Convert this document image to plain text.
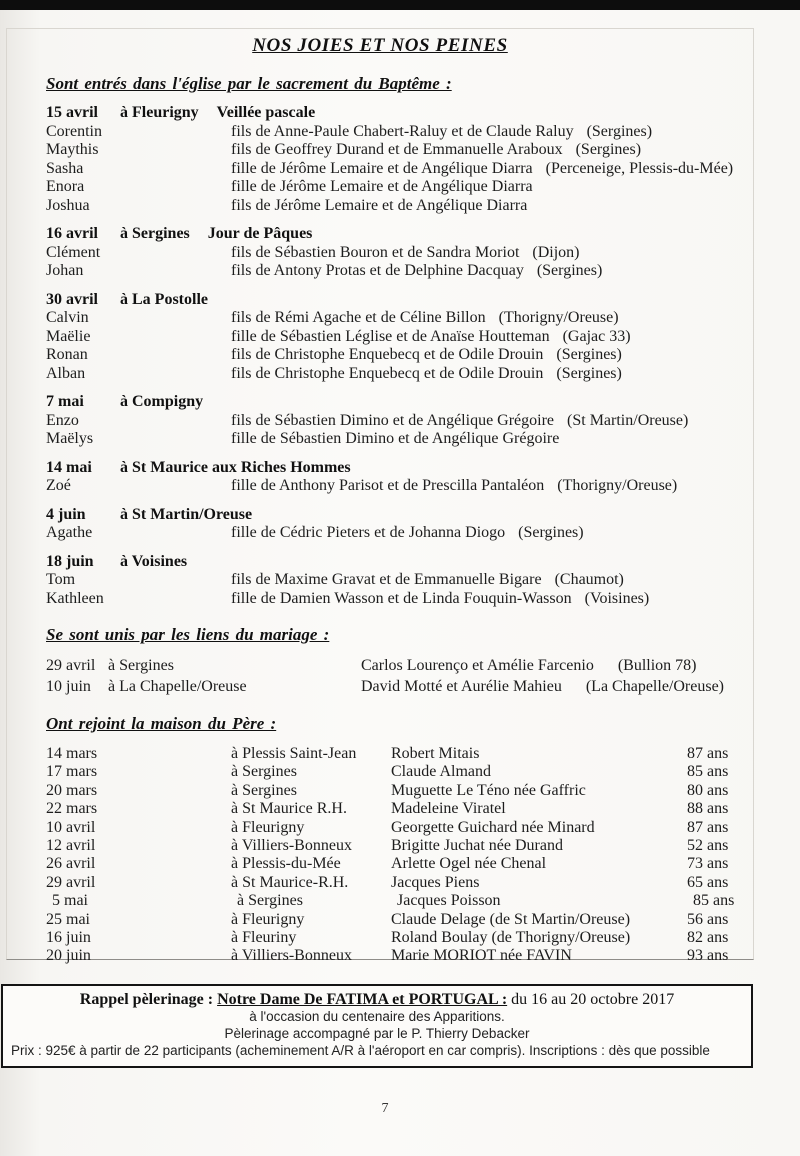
NOS JOIES ET NOS PEINES
Sont entrés dans l'église par le sacrement du Baptême :
15 avril	à Fleurigny Veillée pascale
Corentin	fils de Anne-Paule Chabert-Raluy et de Claude Raluy (Sergines)
Maythis	fils de Geoffrey Durand et de Emmanuelle Araboux (Sergines)
Sasha	fille de Jérôme Lemaire et de Angélique Diarra (Perceneige, Plessis-du-Mée)
Enora	fille de Jérôme Lemaire et de Angélique Diarra
Joshua	fils de Jérôme Lemaire et de Angélique Diarra
16 avril	à Sergines Jour de Pâques
Clément	fils de Sébastien Bouron et de Sandra Moriot (Dijon)
Johan	fils de Antony Protas et de Delphine Dacquay (Sergines)
30 avril	à La Postolle
Calvin	fils de Rémi Agache et de Céline Billon (Thorigny/Oreuse)
Maëlie	fille de Sébastien Léglise et de Anaïse Houtteman (Gajac 33)
Ronan	fils de Christophe Enquebecq et de Odile Drouin (Sergines)
Alban	fils de Christophe Enquebecq et de Odile Drouin (Sergines)
7 mai	à Compigny
Enzo	fils de Sébastien Dimino et de Angélique Grégoire (St Martin/Oreuse)
Maëlys	fille de Sébastien Dimino et de Angélique Grégoire
14 mai	à St Maurice aux Riches Hommes
Zoé	fille de Anthony Parisot et de Prescilla Pantaléon (Thorigny/Oreuse)
4 juin	à St Martin/Oreuse
Agathe	fille de Cédric Pieters et de Johanna Diogo (Sergines)
18 juin	à Voisines
Tom	fils de Maxime Gravat et de Emmanuelle Bigare (Chaumot)
Kathleen	fille de Damien Wasson et de Linda Fouquin-Wasson (Voisines)
Se sont unis par les liens du mariage :
29 avril à Sergines	Carlos Lourenço et Amélie Farcenio (Bullion 78)
10 juin	à La Chapelle/Oreuse	David Motté et Aurélie Mahieu (La Chapelle/Oreuse)
Ont rejoint la maison du Père :
14 mars	à Plessis Saint-Jean	Robert Mitais	87 ans
17 mars	à Sergines	Claude Almand	85 ans
20 mars	à Sergines	Muguette Le Téno née Gaffric	80 ans
22 mars	à St Maurice R.H.	Madeleine Viratel	88 ans
10 avril	à Fleurigny	Georgette Guichard née Minard	87 ans
12 avril	à Villiers-Bonneux	Brigitte Juchat née Durand	52 ans
26 avril	à Plessis-du-Mée	Arlette Ogel née Chenal	73 ans
29 avril	à St Maurice-R.H.	Jacques Piens	65 ans
5 mai	à Sergines	Jacques Poisson	85 ans
25 mai	à Fleurigny	Claude Delage (de St Martin/Oreuse)	56 ans
16 juin	à Fleuriny	Roland Boulay (de Thorigny/Oreuse)	82 ans
20 juin	à Villiers-Bonneux	Marie MORIOT née FAVIN	93 ans
Rappel pèlerinage : Notre Dame De FATIMA et PORTUGAL : du 16 au 20 octobre 2017
à l'occasion du centenaire des Apparitions.
Pèlerinage accompagné par le P. Thierry Debacker
Prix : 925€ à partir de 22 participants (acheminement A/R à l'aéroport en car compris). Inscriptions : dès que possible
7
